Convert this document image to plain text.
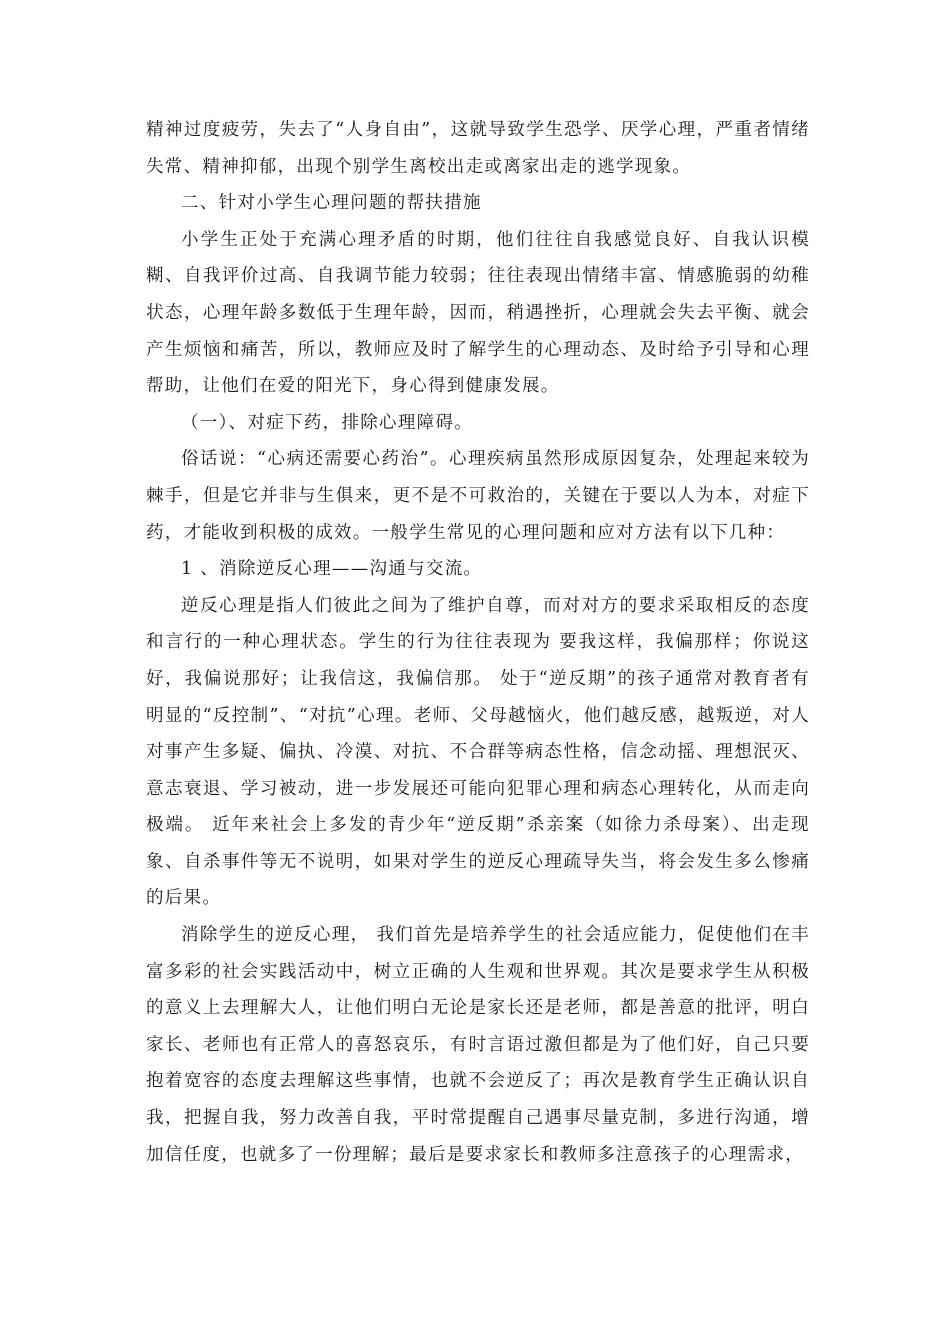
精神过度疲劳，失去了“人身自由”，这就导致学生恐学、厌学心理，严重者情绪失常、精神抑郁，出现个别学生离校出走或离家出走的逃学现象。

二、针对小学生心理问题的帮扶措施

小学生正处于充满心理矛盾的时期，他们往往自我感觉良好、自我认识模糊、自我评价过高、自我调节能力较弱；往往表现出情绪丰富、情感脆弱的幼稚状态，心理年龄多数低于生理年龄，因而，稍遇挫折，心理就会失去平衡、就会产生烦恼和痛苦，所以，教师应及时了解学生的心理动态、及时给予引导和心理帮助，让他们在爱的阳光下，身心得到健康发展。

（一）、对症下药，排除心理障碍。

俗话说：“心病还需要心药治”。心理疾病虽然形成原因复杂，处理起来较为棘手，但是它并非与生俱来，更不是不可救治的，关键在于要以人为本，对症下药，才能收到积极的成效。一般学生常见的心理问题和应对方法有以下几种：

1 、消除逆反心理——沟通与交流。

逆反心理是指人们彼此之间为了维护自尊，而对对方的要求采取相反的态度和言行的一种心理状态。学生的行为往往表现为 要我这样，我偏那样；你说这好，我偏说那好；让我信这，我偏信那。 处于“逆反期”的孩子通常对教育者有明显的“反控制”、“对抗”心理。老师、父母越恼火，他们越反感，越叛逆，对人对事产生多疑、偏执、冷漠、对抗、不合群等病态性格，信念动摇、理想泯灭、意志衰退、学习被动，进一步发展还可能向犯罪心理和病态心理转化，从而走向极端。 近年来社会上多发的青少年“逆反期”杀亲案（如徐力杀母案）、出走现象、自杀事件等无不说明，如果对学生的逆反心理疏导失当，将会发生多么惨痛的后果。

消除学生的逆反心理， 我们首先是培养学生的社会适应能力，促使他们在丰富多彩的社会实践活动中，树立正确的人生观和世界观。其次是要求学生从积极的意义上去理解大人，让他们明白无论是家长还是老师，都是善意的批评，明白家长、老师也有正常人的喜怒哀乐，有时言语过激但都是为了他们好，自己只要抱着宽容的态度去理解这些事情，也就不会逆反了；再次是教育学生正确认识自我，把握自我，努力改善自我，平时常提醒自己遇事尽量克制，多进行沟通，增加信任度，也就多了一份理解；最后是要求家长和教师多注意孩子的心理需求，
